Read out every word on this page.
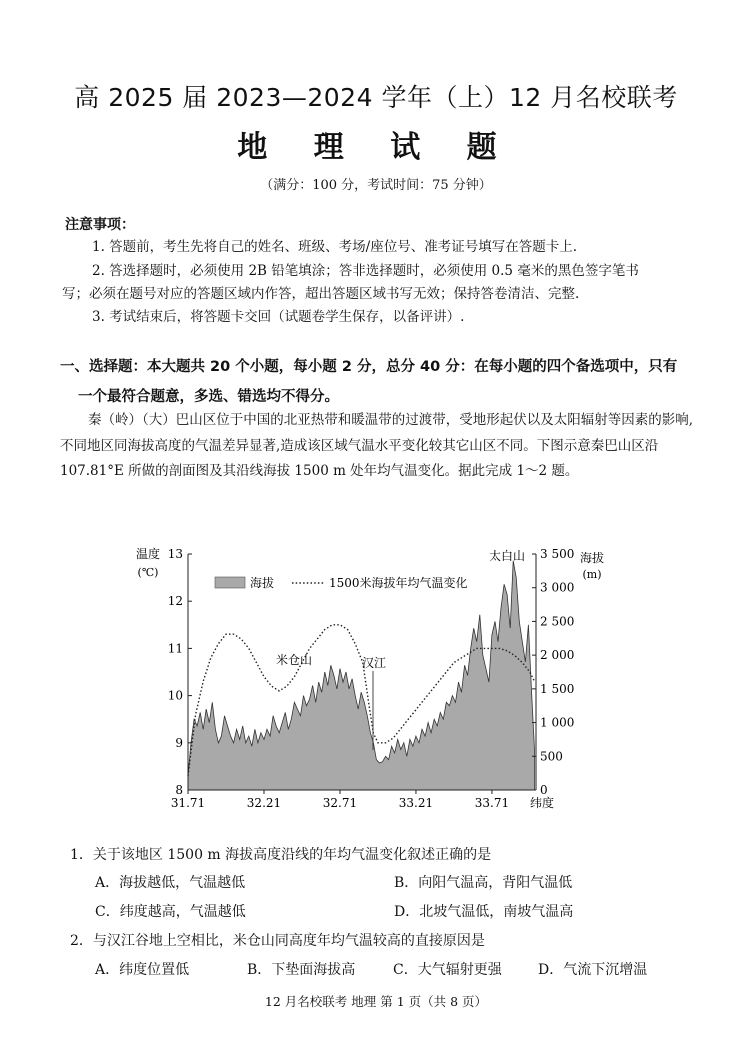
高 2025 届 2023—2024 学年（上）12 月名校联考
地 理 试 题
（满分：100 分，考试时间：75 分钟）
注意事项：
1. 答题前，考生先将自己的姓名、班级、考场/座位号、准考证号填写在答题卡上.
2. 答选择题时，必须使用 2B 铅笔填涂；答非选择题时，必须使用 0.5 毫米的黑色签字笔书
写；必须在题号对应的答题区域内作答，超出答题区域书写无效；保持答卷清洁、完整.
3. 考试结束后，将答题卡交回（试题卷学生保存，以备评讲）.
一、选择题：本大题共 20 个小题，每小题 2 分，总分 40 分：在每小题的四个备选项中，只有
一个最符合题意，多选、错选均不得分。
秦（岭）（大）巴山区位于中国的北亚热带和暖温带的过渡带，受地形起伏以及太阳辐射等因素的影响,不同地区同海拔高度的气温差异显著,造成该区域气温水平变化较其它山区不同。下图示意秦巴山区沿 107.81°E 所做的剖面图及其沿线海拔 1500 m 处年均气温变化。据此完成 1～2 题。
8
9
10
11
12
13
0
500
1 000
1 500
2 000
2 500
3 000
3 500
31.71	32.21	32.71	33.21	33.71 纬度
温度
(℃)
海拔
(m)
海拔	1500米海拔年均气温变化
米仓山	汉江
太白山
1．关于该地区 1500 m 海拔高度沿线的年均气温变化叙述正确的是
A．海拔越低，气温越低	B．向阳气温高，背阳气温低
C．纬度越高，气温越低	D．北坡气温低，南坡气温高
2．与汉江谷地上空相比，米仓山同高度年均气温较高的直接原因是
A．纬度位置低	B．下垫面海拔高	C．大气辐射更强	D．气流下沉增温
12 月名校联考 地理 第 1 页（共 8 页）
